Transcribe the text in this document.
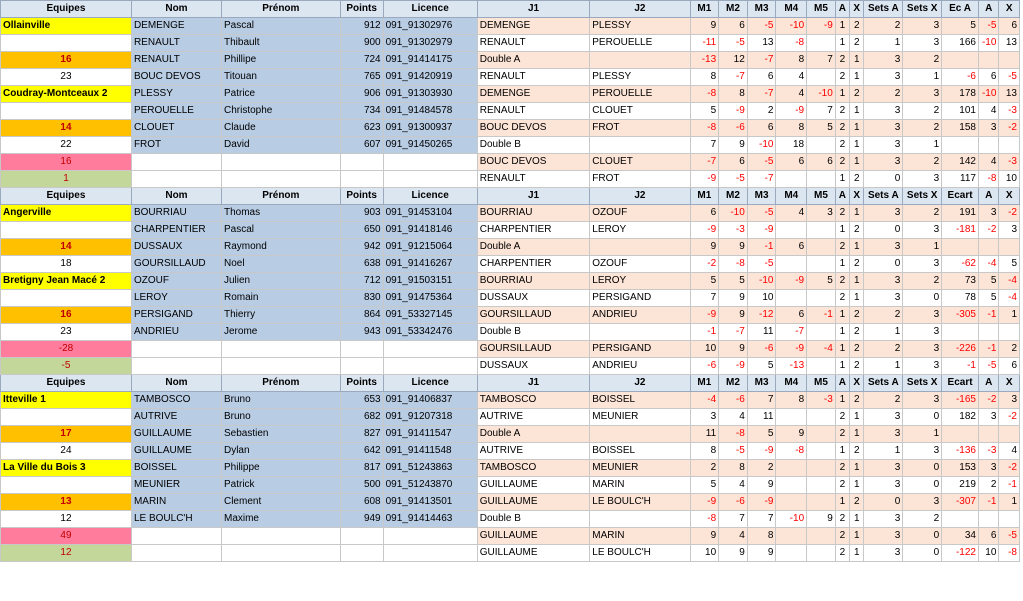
Equipes	Nom	Prénom	Points	Licence	J1	J2	M1	M2	M3	M4	M5	A	X	Sets A	Sets X	Ec A	A	X
Ollainville	DEMENGE	Pascal	912	091_91302976	DEMENGE	PLESSY	9	6	-5	-10	-9	1	2	2	3	5	-5	6
	RENAULT	Thibault	900	091_91302979	RENAULT	PEROUELLE	-11	-5	13	-8		1	2	1	3	166	-10	13
16	RENAULT	Phillipe	724	091_91414175	Double A		-13	12	-7	8	7	2	1	3	2			
23	BOUC DEVOS	Titouan	765	091_91420919	RENAULT	PLESSY	8	-7	6	4		2	1	3	1	-6	6	-5
Coudray-Montceaux 2	PLESSY	Patrice	906	091_91303930	DEMENGE	PEROUELLE	-8	8	-7	4	-10	1	2	2	3	178	-10	13
	PEROUELLE	Christophe	734	091_91484578	RENAULT	CLOUET	5	-9	2	-9	7	2	1	3	2	101	4	-3
14	CLOUET	Claude	623	091_91300937	BOUC DEVOS	FROT	-8	-6	6	8	5	2	1	3	2	158	3	-2
22	FROT	David	607	091_91450265	Double B		7	9	-10	18		2	1	3	1			
16					BOUC DEVOS	CLOUET	-7	6	-5	6	6	2	1	3	2	142	4	-3
1					RENAULT	FROT	-9	-5	-7			1	2	0	3	117	-8	10
Equipes	Nom	Prénom	Points	Licence	J1	J2	M1	M2	M3	M4	M5	A	X	Sets A	Sets X	Ecart	A	X
Angerville	BOURRIAU	Thomas	903	091_91453104	BOURRIAU	OZOUF	6	-10	-5	4	3	2	1	3	2	191	3	-2
	CHARPENTIER	Pascal	650	091_91418146	CHARPENTIER	LEROY	-9	-3	-9			1	2	0	3	-181	-2	3
14	DUSSAUX	Raymond	942	091_91215064	Double A		9	9	-1	6		2	1	3	1			
18	GOURSILLAUD	Noel	638	091_91416267	CHARPENTIER	OZOUF	-2	-8	-5			1	2	0	3	-62	-4	5
Bretigny Jean Macé 2	OZOUF	Julien	712	091_91503151	BOURRIAU	LEROY	5	5	-10	-9	5	2	1	3	2	73	5	-4
	LEROY	Romain	830	091_91475364	DUSSAUX	PERSIGAND	7	9	10			2	1	3	0	78	5	-4
16	PERSIGAND	Thierry	864	091_53327145	GOURSILLAUD	ANDRIEU	-9	9	-12	6	-1	1	2	2	3	-305	-1	1
23	ANDRIEU	Jerome	943	091_53342476	Double B		-1	-7	11	-7		1	2	1	3			
-28					GOURSILLAUD	PERSIGAND	10	9	-6	-9	-4	1	2	2	3	-226	-1	2
-5					DUSSAUX	ANDRIEU	-6	-9	5	-13		1	2	1	3	-1	-5	6
Equipes	Nom	Prénom	Points	Licence	J1	J2	M1	M2	M3	M4	M5	A	X	Sets A	Sets X	Ecart	A	X
Itteville 1	TAMBOSCO	Bruno	653	091_91406837	TAMBOSCO	BOISSEL	-4	-6	7	8	-3	1	2	2	3	-165	-2	3
	AUTRIVE	Bruno	682	091_91207318	AUTRIVE	MEUNIER	3	4	11			2	1	3	0	182	3	-2
17	GUILLAUME	Sebastien	827	091_91411547	Double A		11	-8	5	9		2	1	3	1			
24	GUILLAUME	Dylan	642	091_91411548	AUTRIVE	BOISSEL	8	-5	-9	-8		1	2	1	3	-136	-3	4
La Ville du Bois 3	BOISSEL	Philippe	817	091_51243863	TAMBOSCO	MEUNIER	2	8	2			2	1	3	0	153	3	-2
	MEUNIER	Patrick	500	091_51243870	GUILLAUME	MARIN	5	4	9			2	1	3	0	219	2	-1
13	MARIN	Clement	608	091_91413501	GUILLAUME	LE BOULC'H	-9	-6	-9			1	2	0	3	-307	-1	1
12	LE BOULC'H	Maxime	949	091_91414463	Double B		-8	7	7	-10	9	2	1	3	2			
49					GUILLAUME	MARIN	9	4	8			2	1	3	0	34	6	-5
12					GUILLAUME	LE BOULC'H	10	9	9			2	1	3	0	-122	10	-8
